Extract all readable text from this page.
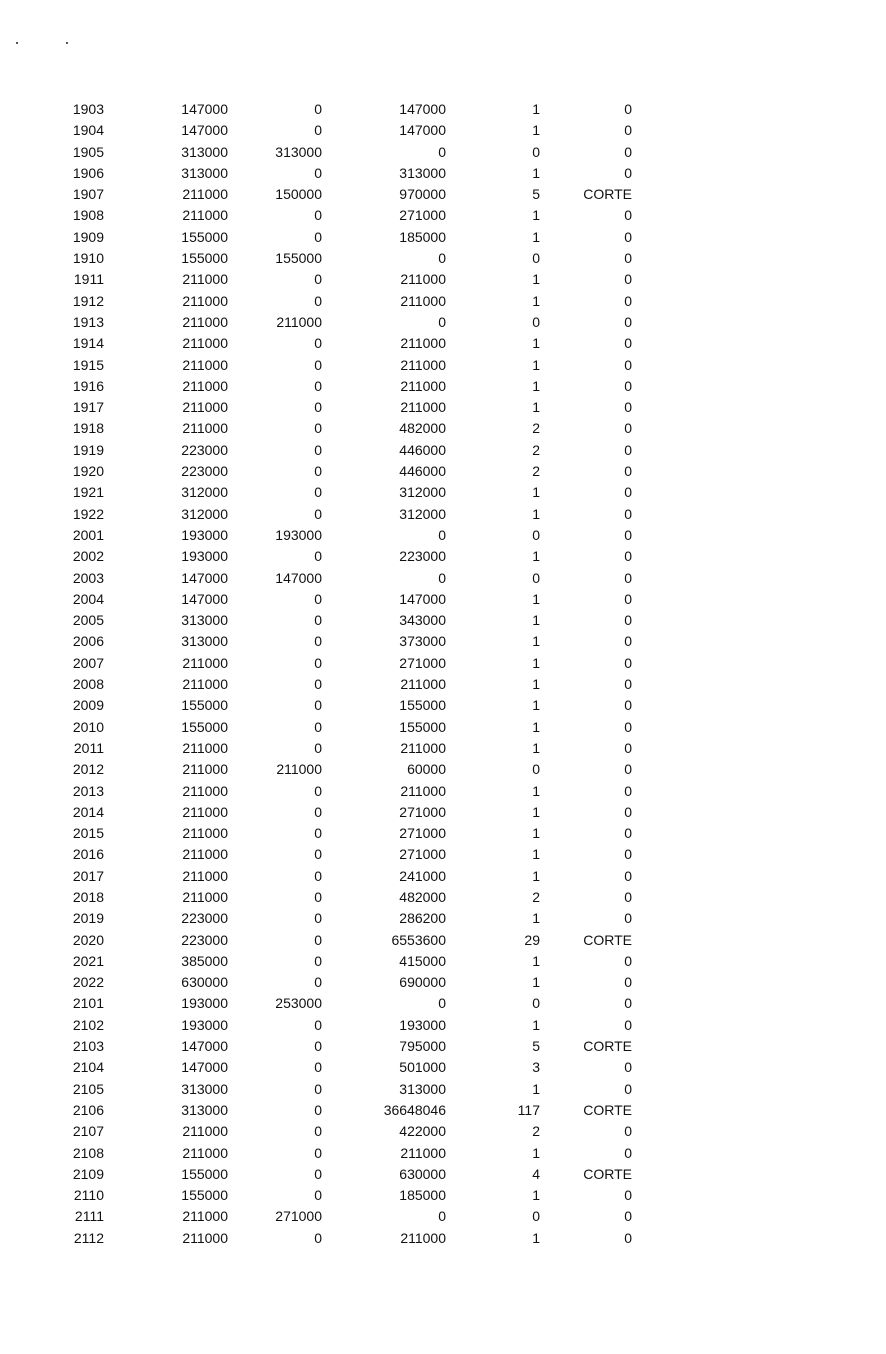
1903	147000	0	147000	1	0
1904	147000	0	147000	1	0
1905	313000	313000	0	0	0
1906	313000	0	313000	1	0
1907	211000	150000	970000	5	CORTE
1908	211000	0	271000	1	0
1909	155000	0	185000	1	0
1910	155000	155000	0	0	0
1911	211000	0	211000	1	0
1912	211000	0	211000	1	0
1913	211000	211000	0	0	0
1914	211000	0	211000	1	0
1915	211000	0	211000	1	0
1916	211000	0	211000	1	0
1917	211000	0	211000	1	0
1918	211000	0	482000	2	0
1919	223000	0	446000	2	0
1920	223000	0	446000	2	0
1921	312000	0	312000	1	0
1922	312000	0	312000	1	0
2001	193000	193000	0	0	0
2002	193000	0	223000	1	0
2003	147000	147000	0	0	0
2004	147000	0	147000	1	0
2005	313000	0	343000	1	0
2006	313000	0	373000	1	0
2007	211000	0	271000	1	0
2008	211000	0	211000	1	0
2009	155000	0	155000	1	0
2010	155000	0	155000	1	0
2011	211000	0	211000	1	0
2012	211000	211000	60000	0	0
2013	211000	0	211000	1	0
2014	211000	0	271000	1	0
2015	211000	0	271000	1	0
2016	211000	0	271000	1	0
2017	211000	0	241000	1	0
2018	211000	0	482000	2	0
2019	223000	0	286200	1	0
2020	223000	0	6553600	29	CORTE
2021	385000	0	415000	1	0
2022	630000	0	690000	1	0
2101	193000	253000	0	0	0
2102	193000	0	193000	1	0
2103	147000	0	795000	5	CORTE
2104	147000	0	501000	3	0
2105	313000	0	313000	1	0
2106	313000	0	36648046	117	CORTE
2107	211000	0	422000	2	0
2108	211000	0	211000	1	0
2109	155000	0	630000	4	CORTE
2110	155000	0	185000	1	0
2111	211000	271000	0	0	0
2112	211000	0	211000	1	0
